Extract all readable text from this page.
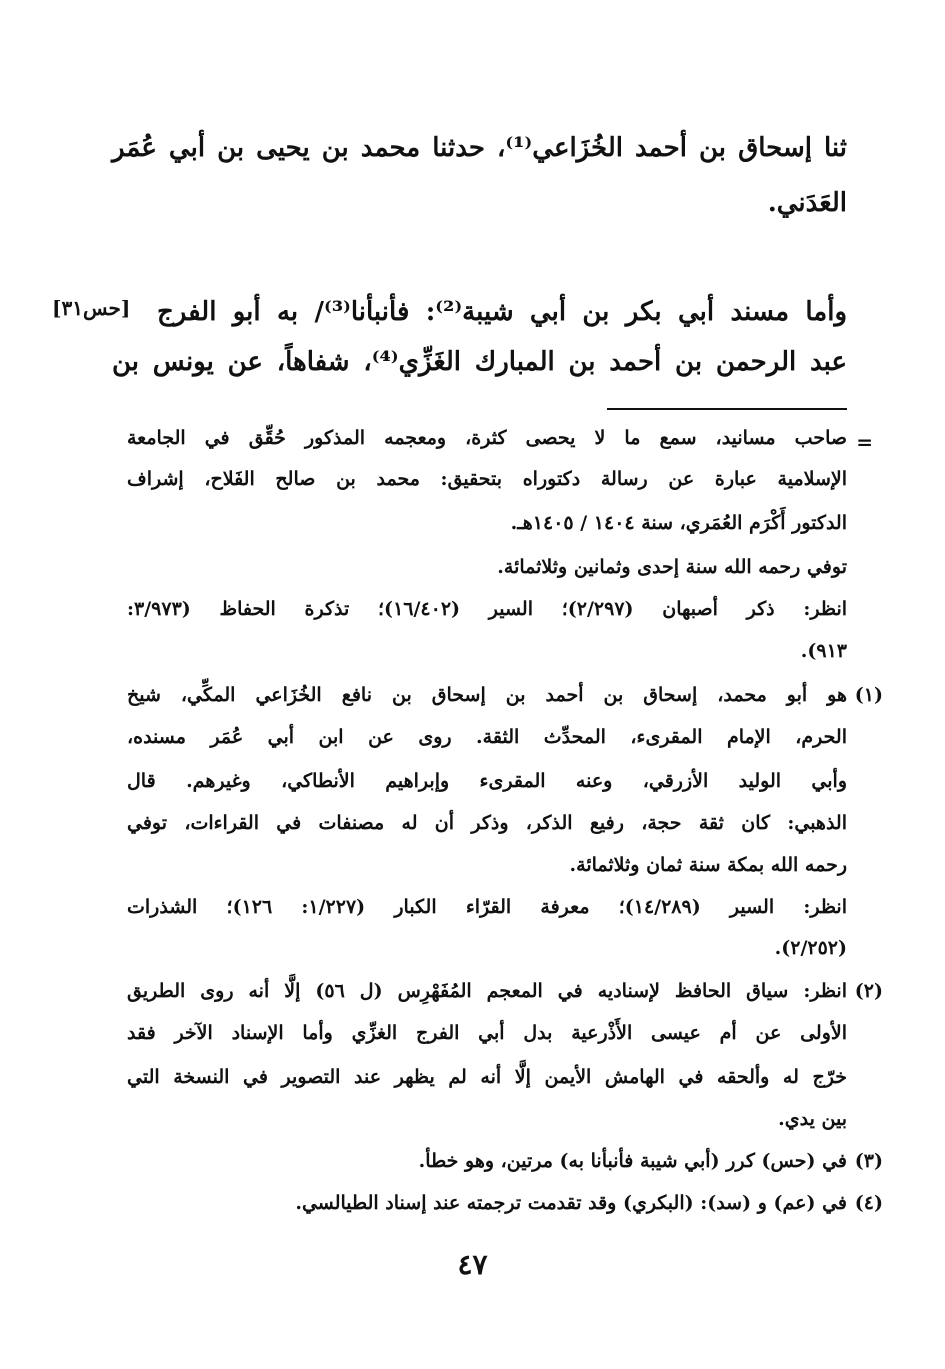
ثنا إسحاق بن أحمد الخُزَاعي⁽¹⁾، حدثنا محمد بن يحيى بن أبي عُمَر
العَدَني.
وأما مسند أبي بكر بن أبي شيبة⁽²⁾: فأنبأنا⁽³⁾/ به أبو الفرج
عبد الرحمن بن أحمد بن المبارك الغَزِّي⁽⁴⁾، شفاهاً، عن يونس بن
[حس٣١]
=
صاحب مسانيد، سمع ما لا يحصى كثرة، ومعجمه المذكور حُقِّق في الجامعة
الإسلامية عبارة عن رسالة دكتوراه بتحقيق: محمد بن صالح الفَلاح، إشراف
الدكتور أَكْرَم العُمَري، سنة ١٤٠٤ / ١٤٠٥هـ.
توفي رحمه الله سنة إحدى وثمانين وثلاثمائة.
انظر: ذكر أصبهان (٢/٢٩٧)؛ السير (١٦/٤٠٢)؛ تذكرة الحفاظ (٣/٩٧٣:
٩١٣).
(١)
هو أبو محمد، إسحاق بن أحمد بن إسحاق بن نافع الخُزَاعي المكِّي، شيخ
الحرم، الإمام المقرىء، المحدِّث الثقة. روى عن ابن أبي عُمَر مسنده،
وأبي الوليد الأزرقي، وعنه المقرىء وإبراهيم الأنطاكي، وغيرهم. قال
الذهبي: كان ثقة حجة، رفيع الذكر، وذكر أن له مصنفات في القراءات، توفي
رحمه الله بمكة سنة ثمان وثلاثمائة.
انظر: السير (١٤/٢٨٩)؛ معرفة القرّاء الكبار (١/٢٢٧: ١٢٦)؛ الشذرات
(٢/٢٥٢).
(٢)
انظر: سياق الحافظ لإسناديه في المعجم المُفَهْرِس (ل ٥٦) إلَّا أنه روى الطريق
الأولى عن أم عيسى الأَذْرعية بدل أبي الفرج الغزِّي وأما الإسناد الآخر فقد
خرّج له وألحقه في الهامش الأيمن إلَّا أنه لم يظهر عند التصوير في النسخة التي
بين يدي.
(٣)
في (حس) كرر (أبي شيبة فأنبأنا به) مرتين، وهو خطأ.
(٤)
في (عم) و (سد): (البكري) وقد تقدمت ترجمته عند إسناد الطيالسي.
٤٧
